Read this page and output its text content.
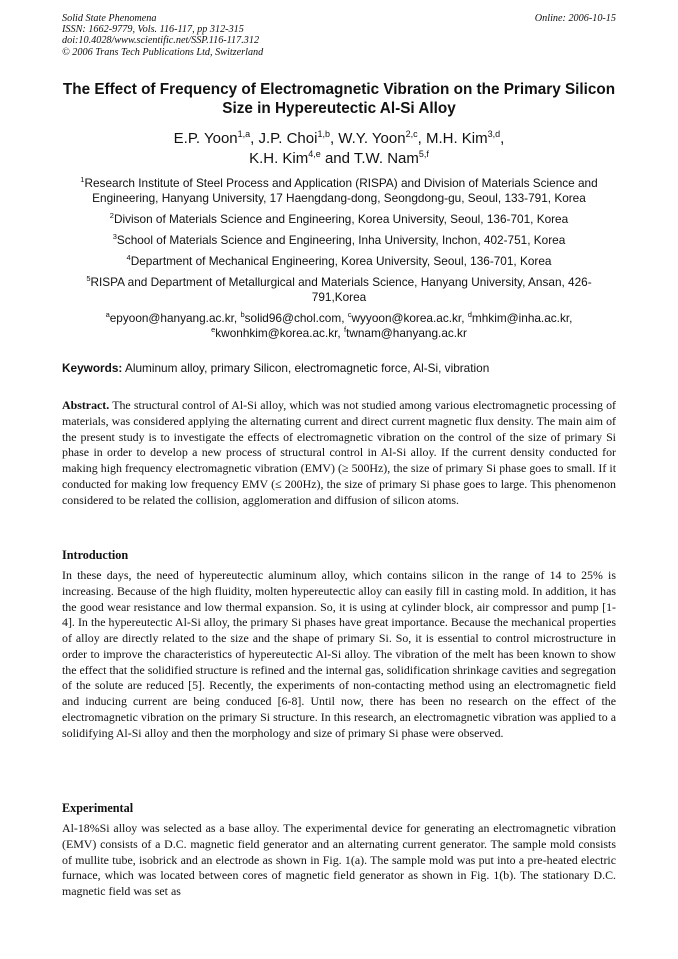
Solid State Phenomena
ISSN: 1662-9779, Vols. 116-117, pp 312-315
doi:10.4028/www.scientific.net/SSP.116-117.312
© 2006 Trans Tech Publications Ltd, Switzerland
Online: 2006-10-15
The Effect of Frequency of Electromagnetic Vibration on the Primary Silicon Size in Hypereutectic Al-Si Alloy
E.P. Yoon$^{1,a}$, J.P. Choi$^{1,b}$, W.Y. Yoon$^{2,c}$, M.H. Kim$^{3,d}$,
K.H. Kim$^{4,e}$ and T.W. Nam$^{5,f}$

$^1$Research Institute of Steel Process and Application (RISPA) and Division of Materials Science and Engineering, Hanyang University, 17 Haengdang-dong, Seongdong-gu, Seoul, 133-791, Korea

$^2$Divison of Materials Science and Engineering, Korea University, Seoul, 136-701, Korea

$^3$School of Materials Science and Engineering, Inha University, Inchon, 402-751, Korea

$^4$Department of Mechanical Engineering, Korea University, Seoul, 136-701, Korea

$^5$RISPA and Department of Metallurgical and Materials Science, Hanyang University, Ansan, 426-791,Korea

$^a$epyoon@hanyang.ac.kr, $^b$solid96@chol.com, $^c$wyyoon@korea.ac.kr, $^d$mhkim@inha.ac.kr,
$^e$kwonhkim@korea.ac.kr, $^f$twnam@hanyang.ac.kr

Keywords: Aluminum alloy, primary Silicon, electromagnetic force, Al-Si, vibration

Abstract. The structural control of Al-Si alloy, which was not studied among various electromagnetic processing of materials, was considered applying the alternating current and direct current magnetic flux density. The main aim of the present study is to investigate the effects of electromagnetic vibration on the control of the size of primary Si phase in order to develop a new process of structural control in Al-Si alloy. If the current density conducted for making high frequency electromagnetic vibration (EMV) (≥ 500Hz), the size of primary Si phase goes to small. If it conducted for making low frequency EMV (≤ 200Hz), the size of primary Si phase goes to large. This phenomenon considered to be related the collision, agglomeration and diffusion of silicon atoms.

Introduction

In these days, the need of hypereutectic aluminum alloy, which contains silicon in the range of 14 to 25% is increasing. Because of the high fluidity, molten hypereutectic alloy can easily fill in casting mold. In addition, it has the good wear resistance and low thermal expansion. So, it is using at cylinder block, air compressor and pump [1-4]. In the hypereutectic Al-Si alloy, the primary Si phases have great importance. Because the mechanical properties of alloy are directly related to the size and the shape of primary Si. So, it is essential to control microstructure in order to improve the characteristics of hypereutectic Al-Si alloy. The vibration of the melt has been known to show the effect that the solidified structure is refined and the internal gas, solidification shrinkage cavities and segregation of the solute are reduced [5]. Recently, the experiments of non-contacting method using an electromagnetic field and inducing current are being conduced [6-8]. Until now, there has been no research on the effect of the electromagnetic vibration on the primary Si structure. In this research, an electromagnetic vibration was applied to a solidifying Al-Si alloy and then the morphology and size of primary Si phase were observed.

Experimental

Al-18%Si alloy was selected as a base alloy. The experimental device for generating an electromagnetic vibration (EMV) consists of a D.C. magnetic field generator and an alternating current generator. The sample mold consists of mullite tube, isobrick and an electrode as shown in Fig. 1(a). The sample mold was put into a pre-heated electric furnace, which was located between cores of magnetic field generator as shown in Fig. 1(b). The stationary D.C. magnetic field was set as
